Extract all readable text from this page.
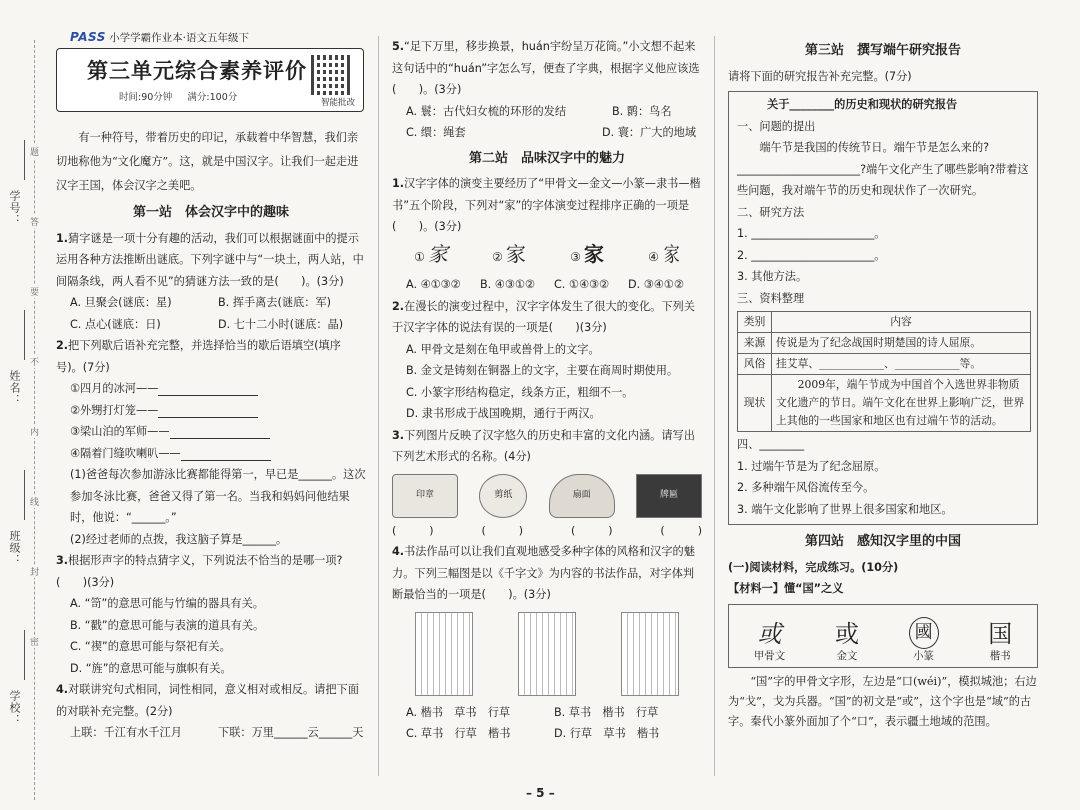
学号：
姓名：
班级：
学校：
题
答
要
不
内
线
封
密
PASS 小学学霸作业本·语文五年级下
第三单元综合素养评价
时间:90分钟 满分:100分	智能批改
有一种符号，带着历史的印记，承载着中华智慧，我们亲切地称他为“文化魔方”。这，就是中国汉字。让我们一起走进汉字王国，体会汉字之美吧。
第一站　体会汉字中的趣味
1.猜字谜是一项十分有趣的活动，我们可以根据谜面中的提示运用各种方法推断出谜底。下列字谜中与“一块土，两人站，中间隔条线，两人看不见”的猜谜方法一致的是(　　)。(3分)
A. 旦聚会(谜底：星)	B. 挥手离去(谜底：军)
C. 点心(谜底：日)	D. 七十二小时(谜底：晶)
2.把下列歇后语补充完整，并选择恰当的歇后语填空(填序号)。(7分)
①四月的冰河——
②外甥打灯笼——
③梁山泊的军师——
④隔着门缝吹喇叭——
(1)爸爸每次参加游泳比赛都能得第一，早已是______。这次参加冬泳比赛，爸爸又得了第一名。当我和妈妈问他结果时，他说：“______。”
(2)经过老师的点拨，我这脑子算是______。
3.根据形声字的特点猜字义，下列说法不恰当的是哪一项?(　　)(3分)
A. “笥”的意思可能与竹编的器具有关。
B. “戳”的意思可能与表演的道具有关。
C. “禊”的意思可能与祭祀有关。
D. “旌”的意思可能与旗帜有关。
4.对联讲究句式相同，词性相同，意义相对或相反。请把下面的对联补充完整。(2分)
上联：千江有水千江月	下联：万里______云______天
5.“足下万里，移步换景，huán宇纷呈万花筒。”小文想不起来这句话中的“huán”字怎么写，便查了字典，根据字义他应该选(　　)。(3分)
A. 鬟：古代妇女梳的环形的发结	B. 鹮：鸟名
C. 缳：绳套	D. 寰：广大的地域
第二站　品味汉字中的魅力
1.汉字字体的演变主要经历了“甲骨文—金文—小篆—隶书—楷书”五个阶段，下列对“家”的字体演变过程排序正确的一项是(　　)。(3分)
① 家	② 家	③ 家	④ 家
A. ④①③②	B. ④③①②	C. ①④③②	D. ③④①②
2.在漫长的演变过程中，汉字字体发生了很大的变化。下列关于汉字字体的说法有误的一项是(　　)(3分)
A. 甲骨文是刻在龟甲或兽骨上的文字。
B. 金文是铸刻在铜器上的文字，主要在商周时期使用。
C. 小篆字形结构稳定，线条方正，粗细不一。
D. 隶书形成于战国晚期，通行于两汉。
3.下列图片反映了汉字悠久的历史和丰富的文化内涵。请写出下列艺术形式的名称。(4分)
印章	剪纸	扇面	牌匾
(　　　)	(　　　)	(　　　)	(　　　)
4.书法作品可以让我们直观地感受多种字体的风格和汉字的魅力。下列三幅图是以《千字文》为内容的书法作品，对字体判断最恰当的一项是(　　)。(3分)
A. 楷书　草书　行草	B. 草书　楷书　行草
C. 草书　行草　楷书	D. 行草　草书　楷书
第三站　撰写端午研究报告
请将下面的研究报告补充完整。(7分)
关于________的历史和现状的研究报告
一、问题的提出
端午节是我国的传统节日。端午节是怎么来的?______________________?端午文化产生了哪些影响?带着这些问题，我对端午节的历史和现状作了一次研究。
二、研究方法
1. ______________________。
2. ______________________。
3. 其他方法。
三、资料整理
类别	内容
来源	传说是为了纪念战国时期楚国的诗人屈原。
风俗	挂艾草、____________、____________等。
现状	2009年，端午节成为中国首个入选世界非物质文化遗产的节日。端午文化在世界上影响广泛，世界上其他的一些国家和地区也有过端午节的活动。
四、________
1. 过端午节是为了纪念屈原。
2. 多种端午风俗流传至今。
3. 端午文化影响了世界上很多国家和地区。
第四站　感知汉字里的中国
(一)阅读材料，完成练习。(10分)
【材料一】懂“国”之义
或
甲骨文
或
金文
國
小篆
国
楷书
“国”字的甲骨文字形，左边是“口(wéi)”，模拟城池；右边为“戈”，戈为兵器。“国”的初文是“或”，这个字也是“域”的古字。秦代小篆外面加了个“口”，表示疆土地域的范围。
– 5 –
